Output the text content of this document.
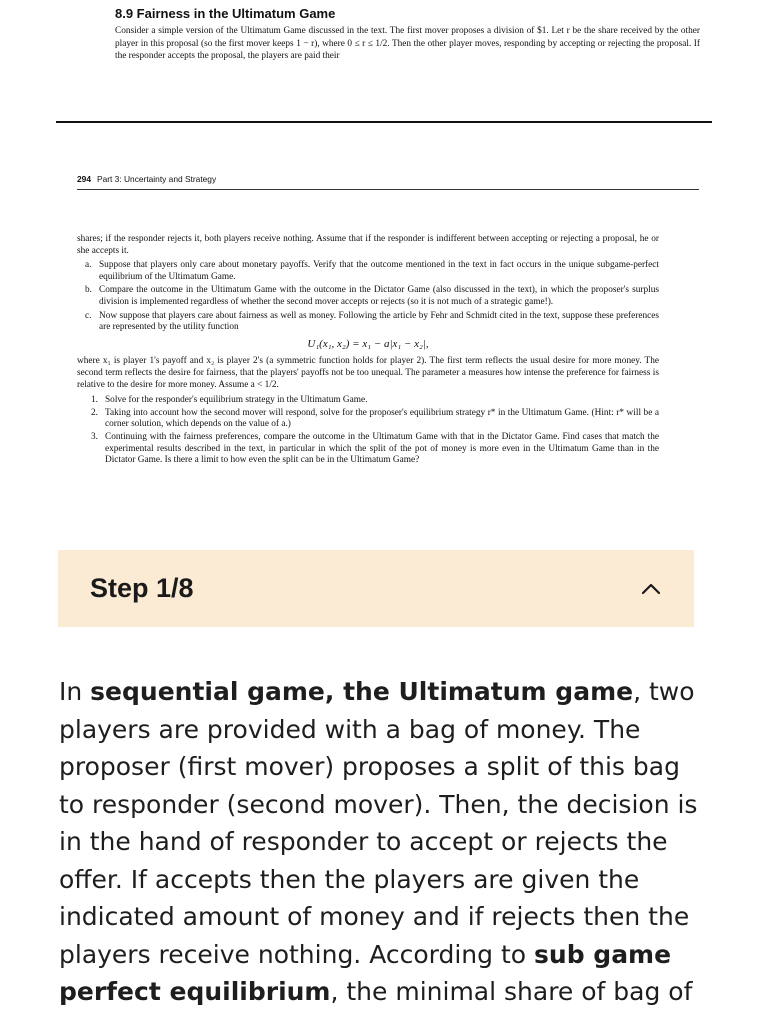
8.9 Fairness in the Ultimatum Game
Consider a simple version of the Ultimatum Game discussed in the text. The first mover proposes a division of $1. Let r be the share received by the other player in this proposal (so the first mover keeps 1 − r), where 0 ≤ r ≤ 1/2. Then the other player moves, responding by accepting or rejecting the proposal. If the responder accepts the proposal, the players are paid their
294 Part 3: Uncertainty and Strategy

shares; if the responder rejects it, both players receive nothing. Assume that if the responder is indifferent between accepting or rejecting a proposal, he or she accepts it.

a. Suppose that players only care about monetary payoffs. Verify that the outcome mentioned in the text in fact occurs in the unique subgame-perfect equilibrium of the Ultimatum Game.
b. Compare the outcome in the Ultimatum Game with the outcome in the Dictator Game (also discussed in the text), in which the proposer's surplus division is implemented regardless of whether the second mover accepts or rejects (so it is not much of a strategic game!).
c. Now suppose that players care about fairness as well as money. Following the article by Fehr and Schmidt cited in the text, suppose these preferences are represented by the utility function
U₁(x₁, x₂) = x₁ − a|x₁ − x₂|,

where x₁ is player 1's payoff and x₂ is player 2's (a symmetric function holds for player 2). The first term reflects the usual desire for more money. The second term reflects the desire for fairness, that the players' payoffs not be too unequal. The parameter a measures how intense the preference for fairness is relative to the desire for more money. Assume a < 1/2.

1. Solve for the responder's equilibrium strategy in the Ultimatum Game.
2. Taking into account how the second mover will respond, solve for the proposer's equilibrium strategy r* in the Ultimatum Game. (Hint: r* will be a corner solution, which depends on the value of a.)
3. Continuing with the fairness preferences, compare the outcome in the Ultimatum Game with that in the Dictator Game. Find cases that match the experimental results described in the text, in particular in which the split of the pot of money is more even in the Ultimatum Game than in the Dictator Game. Is there a limit to how even the split can be in the Ultimatum Game?
Step 1/8
In sequential game, the Ultimatum game, two players are provided with a bag of money. The proposer (first mover) proposes a split of this bag to responder (second mover). Then, the decision is in the hand of responder to accept or rejects the offer. If accepts then the players are given the indicated amount of money and if rejects then the players receive nothing. According to sub game perfect equilibrium, the minimal share of bag of
